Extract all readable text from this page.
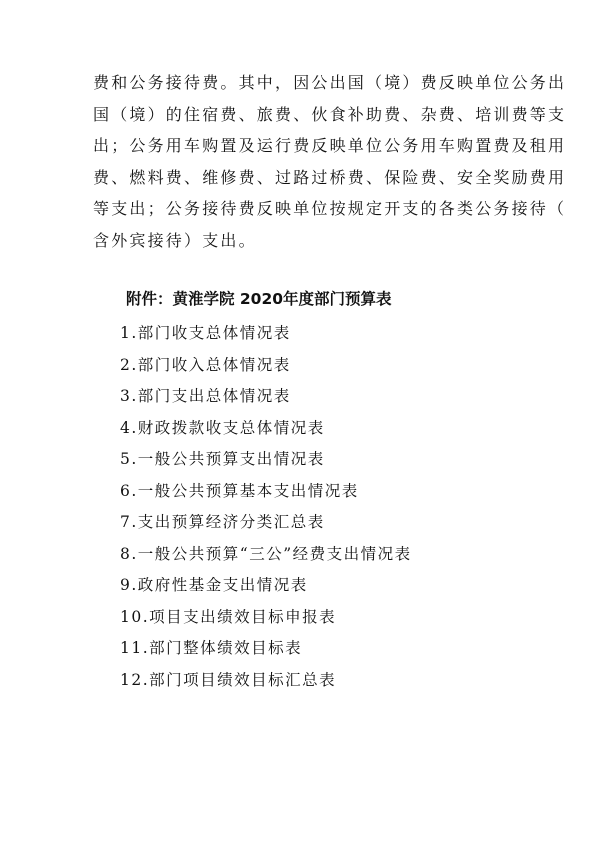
费和公务接待费。其中，因公出国（境）费反映单位公务出
国（境）的住宿费、旅费、伙食补助费、杂费、培训费等支
出；公务用车购置及运行费反映单位公务用车购置费及租用
费、燃料费、维修费、过路过桥费、保险费、安全奖励费用
等支出；公务接待费反映单位按规定开支的各类公务接待（
含外宾接待）支出。
附件：黄淮学院 2020年度部门预算表
1.部门收支总体情况表
2.部门收入总体情况表
3.部门支出总体情况表
4.财政拨款收支总体情况表
5.一般公共预算支出情况表
6.一般公共预算基本支出情况表
7.支出预算经济分类汇总表
8.一般公共预算“三公”经费支出情况表
9.政府性基金支出情况表
10.项目支出绩效目标申报表
11.部门整体绩效目标表
12.部门项目绩效目标汇总表
